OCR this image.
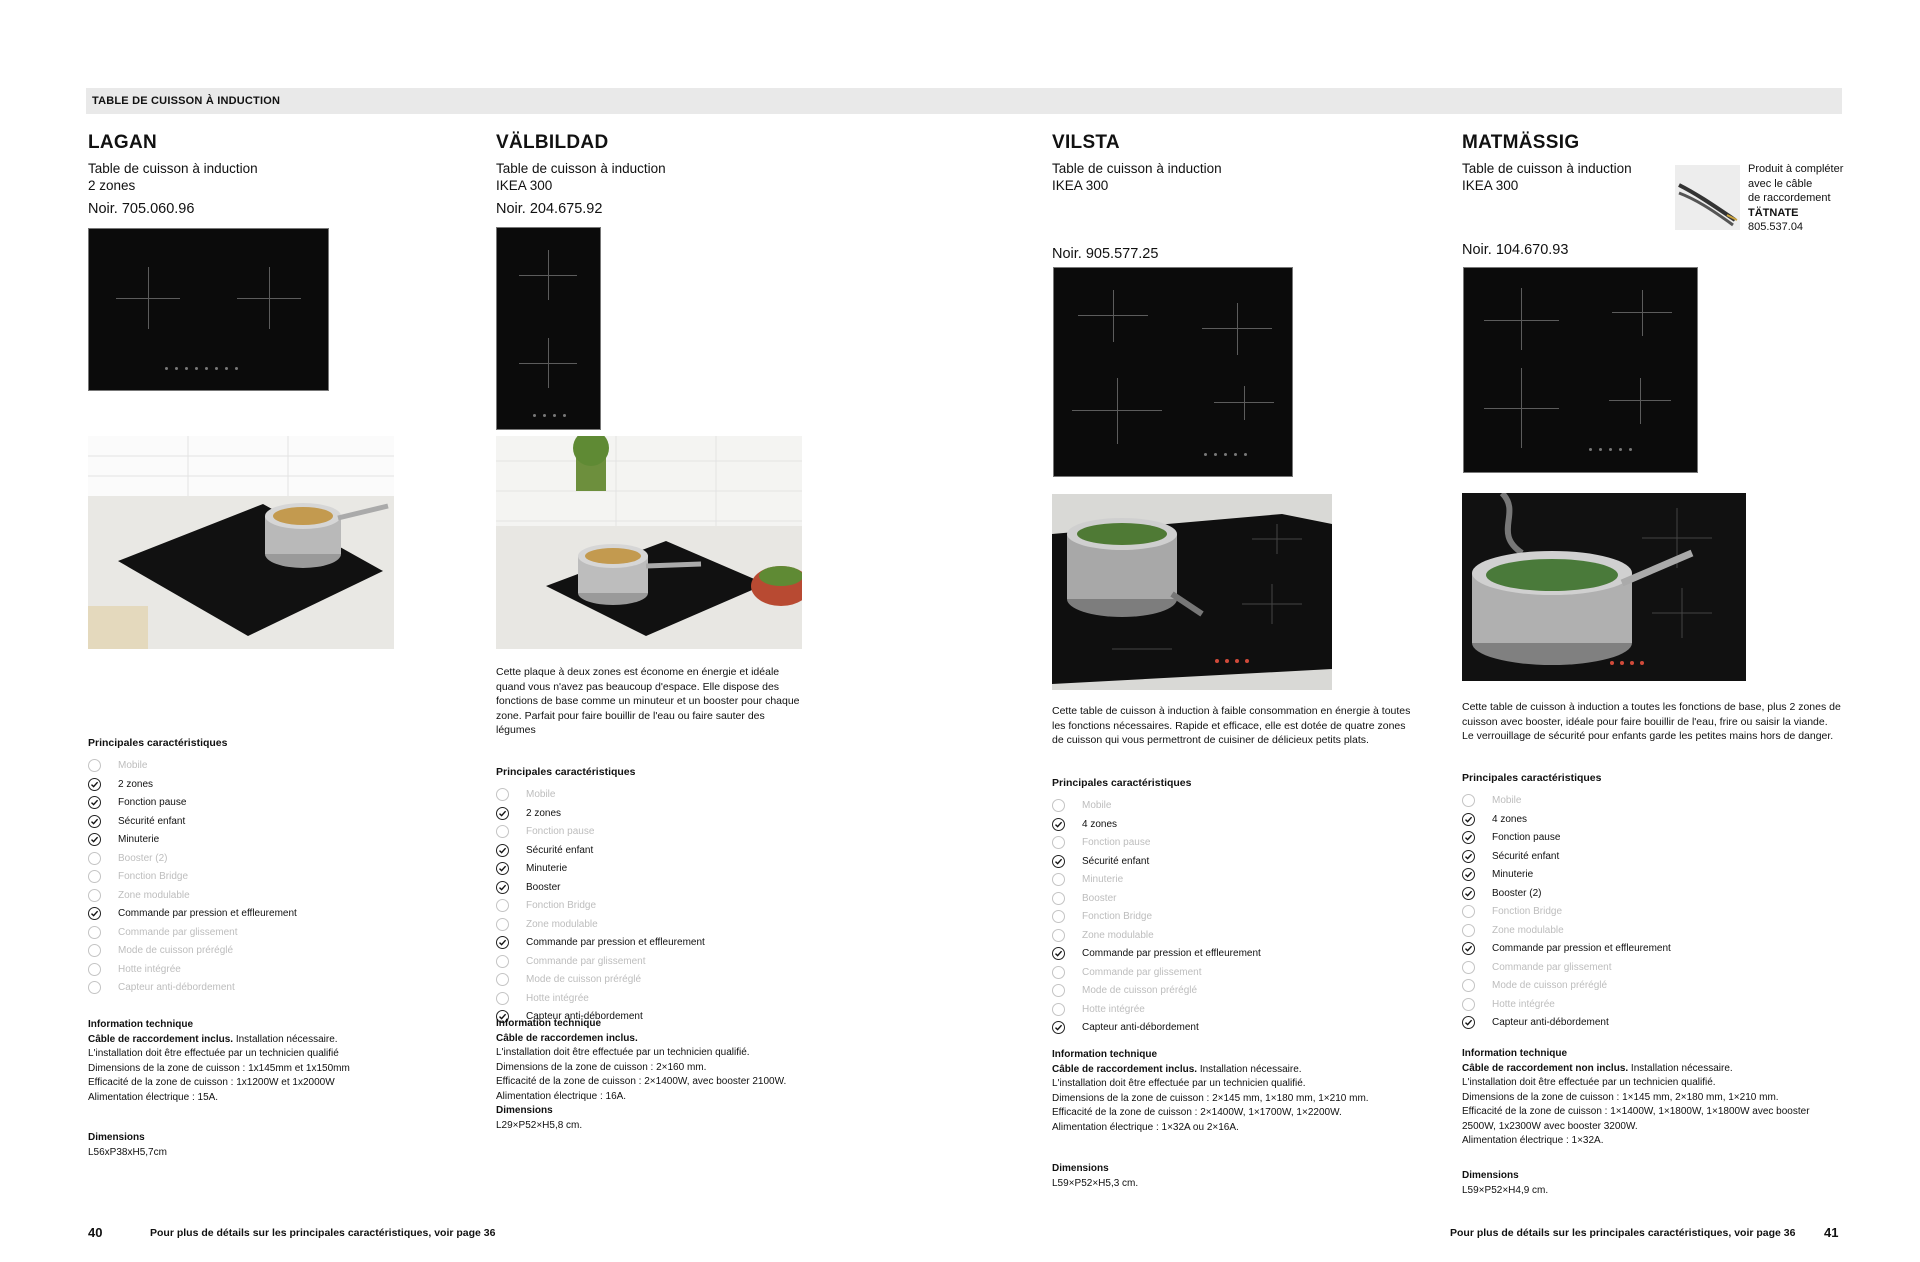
TABLE DE CUISSON À INDUCTION
LAGAN
Table de cuisson à induction
2 zones
Noir. 705.060.96
Principales caractéristiques
Mobile
2 zones
Fonction pause
Sécurité enfant
Minuterie
Booster (2)
Fonction Bridge
Zone modulable
Commande par pression et effleurement
Commande par glissement
Mode de cuisson préréglé
Hotte intégrée
Capteur anti-débordement
Information technique
Câble de raccordement inclus. Installation nécessaire.
L'installation doit être effectuée par un technicien qualifié
Dimensions de la zone de cuisson : 1x145mm et 1x150mm
Efficacité de la zone de cuisson : 1x1200W et 1x2000W
Alimentation électrique : 15A.
Dimensions
L56xP38xH5,7cm
VÄLBILDAD
Table de cuisson à induction
IKEA 300
Noir. 204.675.92
Cette plaque à deux zones est économe en énergie et idéale quand vous n'avez pas beaucoup d'espace. Elle dispose des fonctions de base comme un minuteur et un booster pour chaque zone. Parfait pour faire bouillir de l'eau ou faire sauter des légumes
Principales caractéristiques
Mobile
2 zones
Fonction pause
Sécurité enfant
Minuterie
Booster
Fonction Bridge
Zone modulable
Commande par pression et effleurement
Commande par glissement
Mode de cuisson préréglé
Hotte intégrée
Capteur anti-débordement
Information technique
Câble de raccordemen inclus.
L'installation doit être effectuée par un technicien qualifié.
Dimensions de la zone de cuisson : 2×160 mm.
Efficacité de la zone de cuisson : 2×1400W, avec booster 2100W.
Alimentation électrique : 16A.
Dimensions
L29×P52×H5,8 cm.
VILSTA
Table de cuisson à induction
IKEA 300
Noir. 905.577.25
Cette table de cuisson à induction à faible consommation en énergie à toutes les fonctions nécessaires. Rapide et efficace, elle est dotée de quatre zones de cuisson qui vous permettront de cuisiner de délicieux petits plats.
Principales caractéristiques
Mobile
4 zones
Fonction pause
Sécurité enfant
Minuterie
Booster
Fonction Bridge
Zone modulable
Commande par pression et effleurement
Commande par glissement
Mode de cuisson préréglé
Hotte intégrée
Capteur anti-débordement
Information technique
Câble de raccordement inclus. Installation nécessaire.
L'installation doit être effectuée par un technicien qualifié.
Dimensions de la zone de cuisson : 2×145 mm, 1×180 mm, 1×210 mm.
Efficacité de la zone de cuisson : 2×1400W, 1×1700W, 1×2200W.
Alimentation électrique : 1×32A ou 2×16A.
Dimensions
L59×P52×H5,3 cm.
MATMÄSSIG
Table de cuisson à induction
IKEA 300
Noir. 104.670.93
Produit à compléter
avec le câble
de raccordement
TÄTNATE
805.537.04
Cette table de cuisson à induction a toutes les fonctions de base, plus 2 zones de cuisson avec booster, idéale pour faire bouillir de l'eau, frire ou saisir la viande. Le verrouillage de sécurité pour enfants garde les petites mains hors de danger.
Principales caractéristiques
Mobile
4 zones
Fonction pause
Sécurité enfant
Minuterie
Booster (2)
Fonction Bridge
Zone modulable
Commande par pression et effleurement
Commande par glissement
Mode de cuisson préréglé
Hotte intégrée
Capteur anti-débordement
Information technique
Câble de raccordement non inclus. Installation nécessaire.
L'installation doit être effectuée par un technicien qualifié.
Dimensions de la zone de cuisson : 1×145 mm, 2×180 mm, 1×210 mm.
Efficacité de la zone de cuisson : 1×1400W, 1×1800W, 1×1800W avec booster
2500W, 1x2300W avec booster 3200W.
Alimentation électrique : 1×32A.
Dimensions
L59×P52×H4,9 cm.
40	Pour plus de détails sur les principales caractéristiques, voir page 36	Pour plus de détails sur les principales caractéristiques, voir page 36 41
